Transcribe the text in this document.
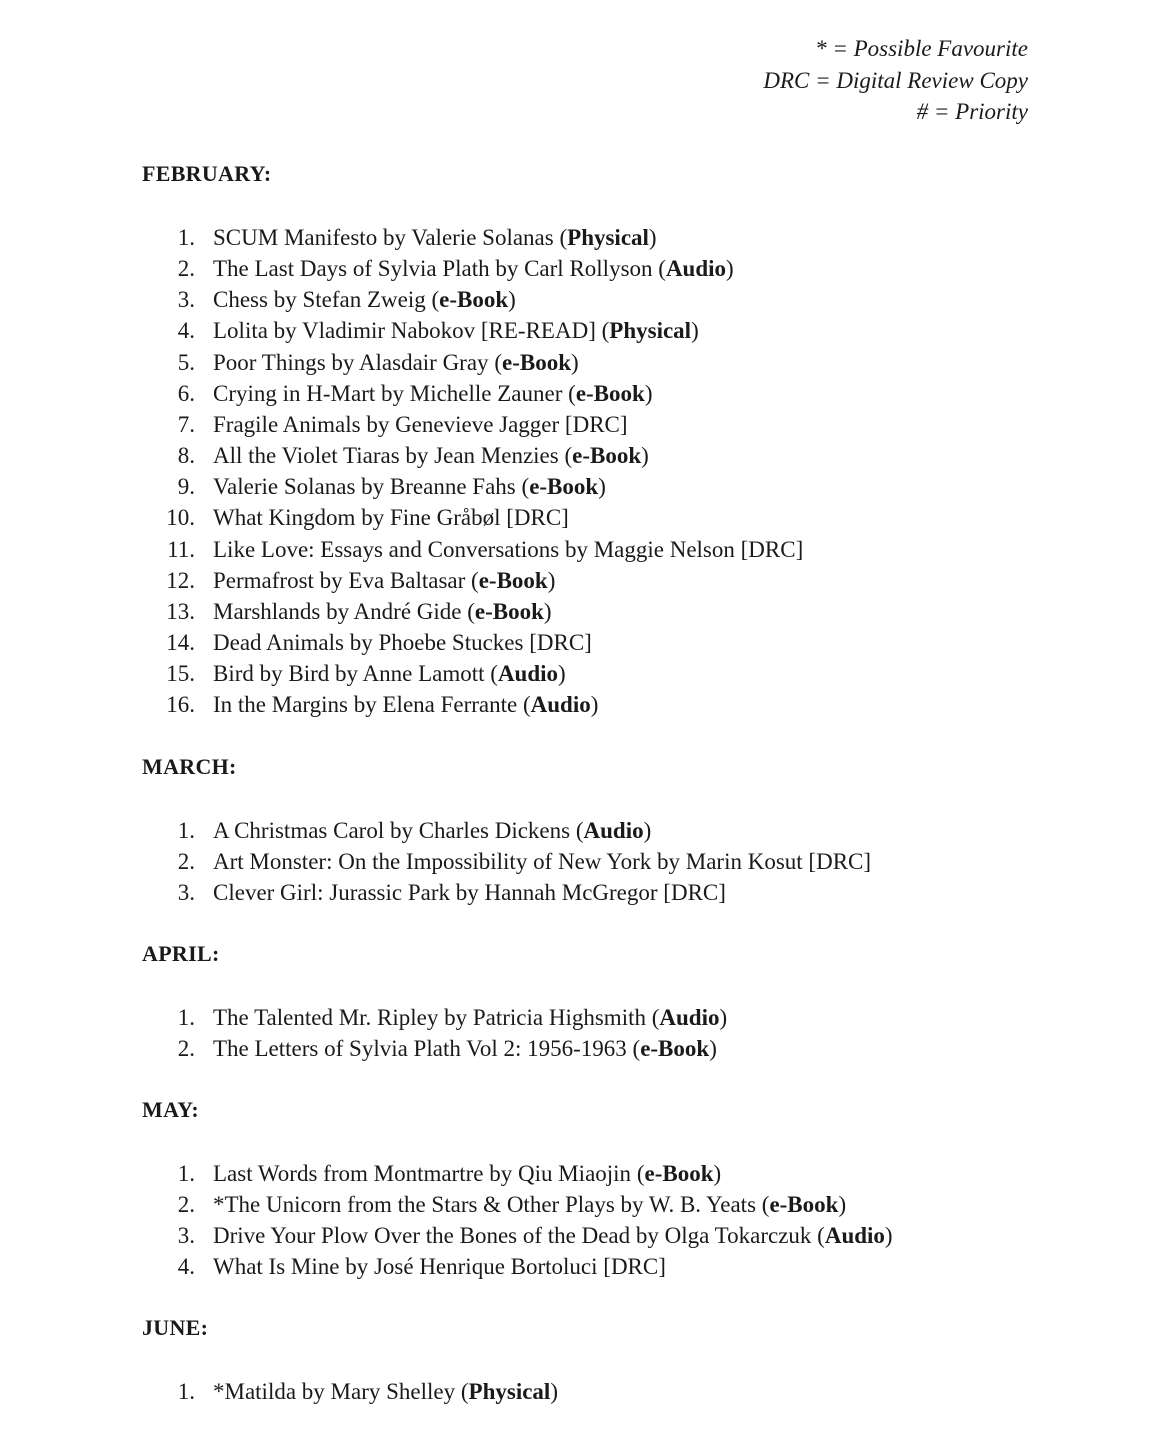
* = Possible Favourite
DRC = Digital Review Copy
# = Priority
FEBRUARY:
1. SCUM Manifesto by Valerie Solanas (Physical)
2. The Last Days of Sylvia Plath by Carl Rollyson (Audio)
3. Chess by Stefan Zweig (e-Book)
4. Lolita by Vladimir Nabokov [RE-READ] (Physical)
5. Poor Things by Alasdair Gray (e-Book)
6. Crying in H-Mart by Michelle Zauner (e-Book)
7. Fragile Animals by Genevieve Jagger [DRC]
8. All the Violet Tiaras by Jean Menzies (e-Book)
9. Valerie Solanas by Breanne Fahs (e-Book)
10. What Kingdom by Fine Gråbøl [DRC]
11. Like Love: Essays and Conversations by Maggie Nelson [DRC]
12. Permafrost by Eva Baltasar (e-Book)
13. Marshlands by André Gide (e-Book)
14. Dead Animals by Phoebe Stuckes [DRC]
15. Bird by Bird by Anne Lamott (Audio)
16. In the Margins by Elena Ferrante (Audio)
MARCH:
1. A Christmas Carol by Charles Dickens (Audio)
2. Art Monster: On the Impossibility of New York by Marin Kosut [DRC]
3. Clever Girl: Jurassic Park by Hannah McGregor [DRC]
APRIL:
1. The Talented Mr. Ripley by Patricia Highsmith (Audio)
2. The Letters of Sylvia Plath Vol 2: 1956-1963 (e-Book)
MAY:
1. Last Words from Montmartre by Qiu Miaojin (e-Book)
2. *The Unicorn from the Stars & Other Plays by W. B. Yeats (e-Book)
3. Drive Your Plow Over the Bones of the Dead by Olga Tokarczuk (Audio)
4. What Is Mine by José Henrique Bortoluci [DRC]
JUNE:
1. *Matilda by Mary Shelley (Physical)
